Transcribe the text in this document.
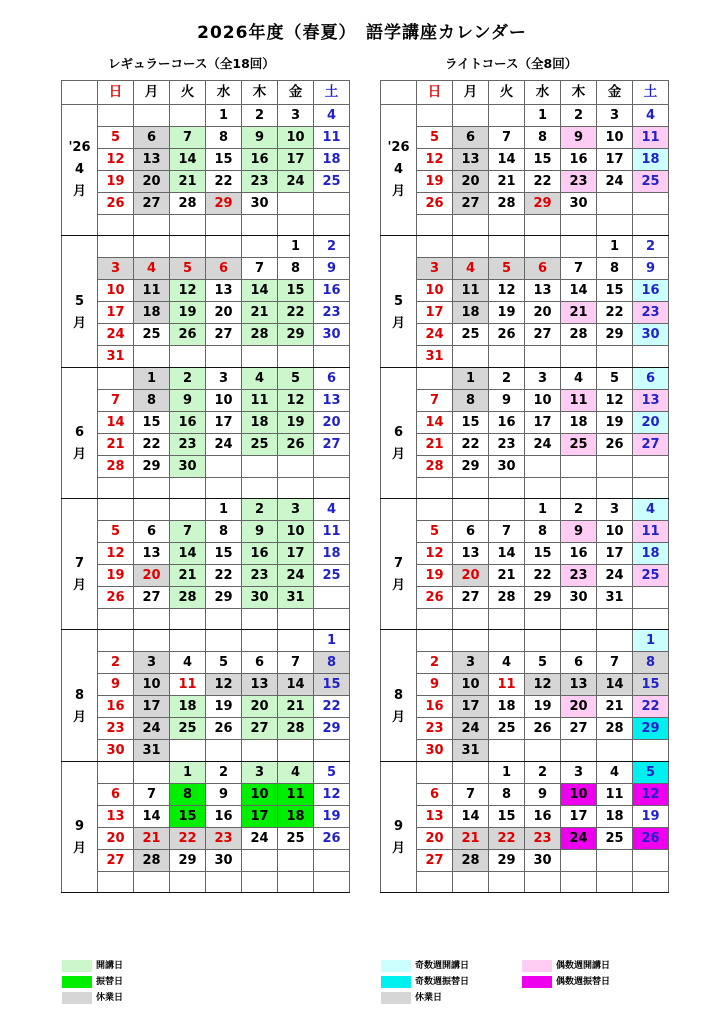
2026年度（春夏）　語学講座カレンダー
レギュラーコース（全18回）	ライトコース（全8回）
	日	月	火	水	木	金	土

'26
4
月				1	2	3	4
	5	6	7	8	9	10	11
	12	13	14	15	16	17	18
	19	20	21	22	23	24	25
	26	27	28	29	30		

5
月						1	2
	3	4	5	6	7	8	9
	10	11	12	13	14	15	16
	17	18	19	20	21	22	23
	24	25	26	27	28	29	30
	31						

6
月		1	2	3	4	5	6
	7	8	9	10	11	12	13
	14	15	16	17	18	19	20
	21	22	23	24	25	26	27
	28	29	30				

7
月				1	2	3	4
	5	6	7	8	9	10	11
	12	13	14	15	16	17	18
	19	20	21	22	23	24	25
	26	27	28	29	30	31	

8
月							1
	2	3	4	5	6	7	8
	9	10	11	12	13	14	15
	16	17	18	19	20	21	22
	23	24	25	26	27	28	29
	30	31					

9
月			1	2	3	4	5
	6	7	8	9	10	11	12
	13	14	15	16	17	18	19
	20	21	22	23	24	25	26
	27	28	29	30			

	日	月	火	水	木	金	土

'26
4
月				1	2	3	4
	5	6	7	8	9	10	11
	12	13	14	15	16	17	18
	19	20	21	22	23	24	25
	26	27	28	29	30		

5
月						1	2
	3	4	5	6	7	8	9
	10	11	12	13	14	15	16
	17	18	19	20	21	22	23
	24	25	26	27	28	29	30
	31						

6
月		1	2	3	4	5	6
	7	8	9	10	11	12	13
	14	15	16	17	18	19	20
	21	22	23	24	25	26	27
	28	29	30				

7
月				1	2	3	4
	5	6	7	8	9	10	11
	12	13	14	15	16	17	18
	19	20	21	22	23	24	25
	26	27	28	29	30	31	

8
月							1
	2	3	4	5	6	7	8
	9	10	11	12	13	14	15
	16	17	18	19	20	21	22
	23	24	25	26	27	28	29
	30	31					

9
月			1	2	3	4	5
	6	7	8	9	10	11	12
	13	14	15	16	17	18	19
	20	21	22	23	24	25	26
	27	28	29	30			

開講日
振替日
休業日
奇数週開講日
奇数週振替日
休業日
偶数週開講日
偶数週振替日
